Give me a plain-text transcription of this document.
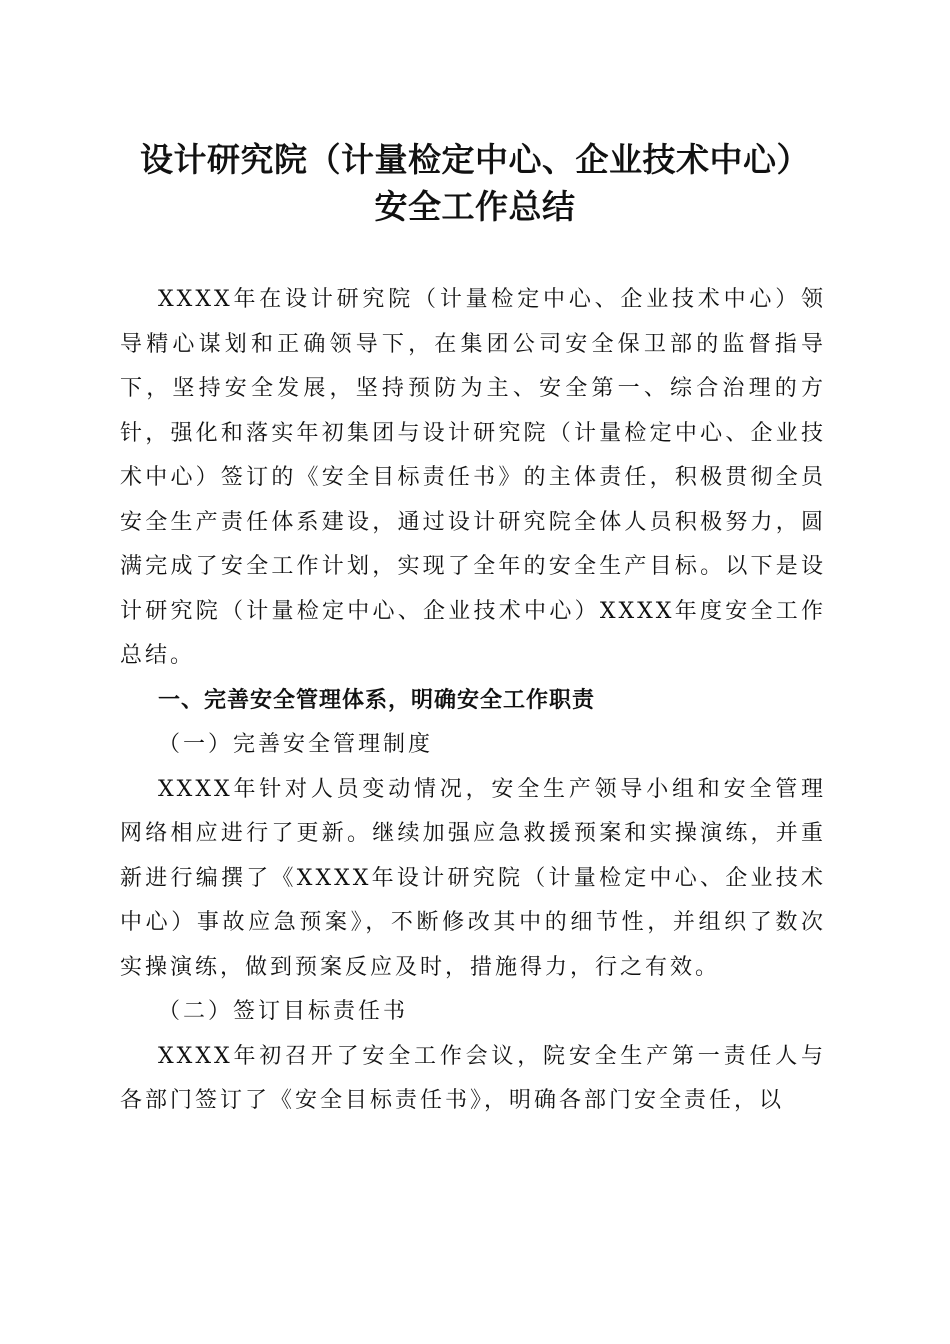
设计研究院（计量检定中心、企业技术中心）
安全工作总结

XXXX年在设计研究院（计量检定中心、企业技术中心）领导精心谋划和正确领导下，在集团公司安全保卫部的监督指导下，坚持安全发展，坚持预防为主、安全第一、综合治理的方针，强化和落实年初集团与设计研究院（计量检定中心、企业技术中心）签订的《安全目标责任书》的主体责任，积极贯彻全员安全生产责任体系建设，通过设计研究院全体人员积极努力，圆满完成了安全工作计划，实现了全年的安全生产目标。以下是设计研究院（计量检定中心、企业技术中心）XXXX年度安全工作总结。

一、完善安全管理体系，明确安全工作职责

（一）完善安全管理制度

XXXX年针对人员变动情况，安全生产领导小组和安全管理网络相应进行了更新。继续加强应急救援预案和实操演练，并重新进行编撰了《XXXX年设计研究院（计量检定中心、企业技术中心）事故应急预案》，不断修改其中的细节性，并组织了数次实操演练，做到预案反应及时，措施得力，行之有效。

（二）签订目标责任书

XXXX年初召开了安全工作会议，院安全生产第一责任人与各部门签订了《安全目标责任书》，明确各部门安全责任，以
